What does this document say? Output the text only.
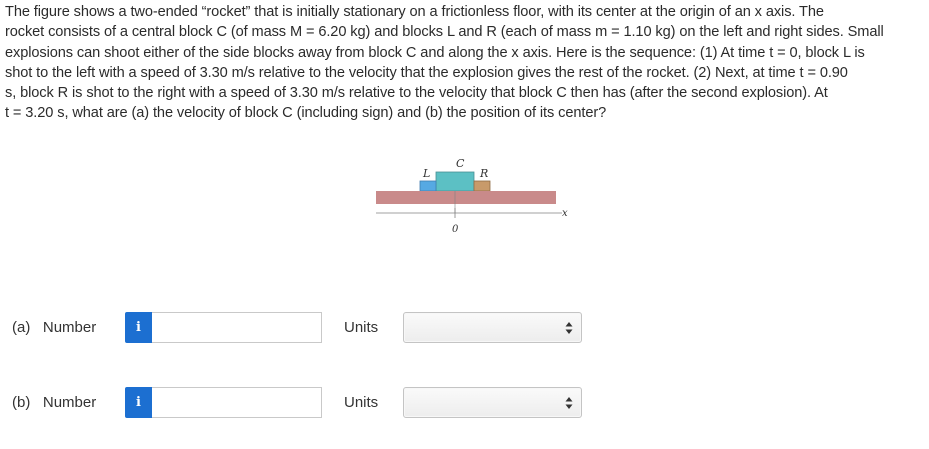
The figure shows a two-ended “rocket” that is initially stationary on a frictionless floor, with its center at the origin of an x axis. The
rocket consists of a central block C (of mass M = 6.20 kg) and blocks L and R (each of mass m = 1.10 kg) on the left and right sides. Small
explosions can shoot either of the side blocks away from block C and along the x axis. Here is the sequence: (1) At time t = 0, block L is
shot to the left with a speed of 3.30 m/s relative to the velocity that the explosion gives the rest of the rocket. (2) Next, at time t = 0.90
s, block R is shot to the right with a speed of 3.30 m/s relative to the velocity that block C then has (after the second explosion). At
t = 3.20 s, what are (a) the velocity of block C (including sign) and (b) the position of its center?
C
L	R
x
0
(a) Number	i	Units
(b) Number	i	Units
